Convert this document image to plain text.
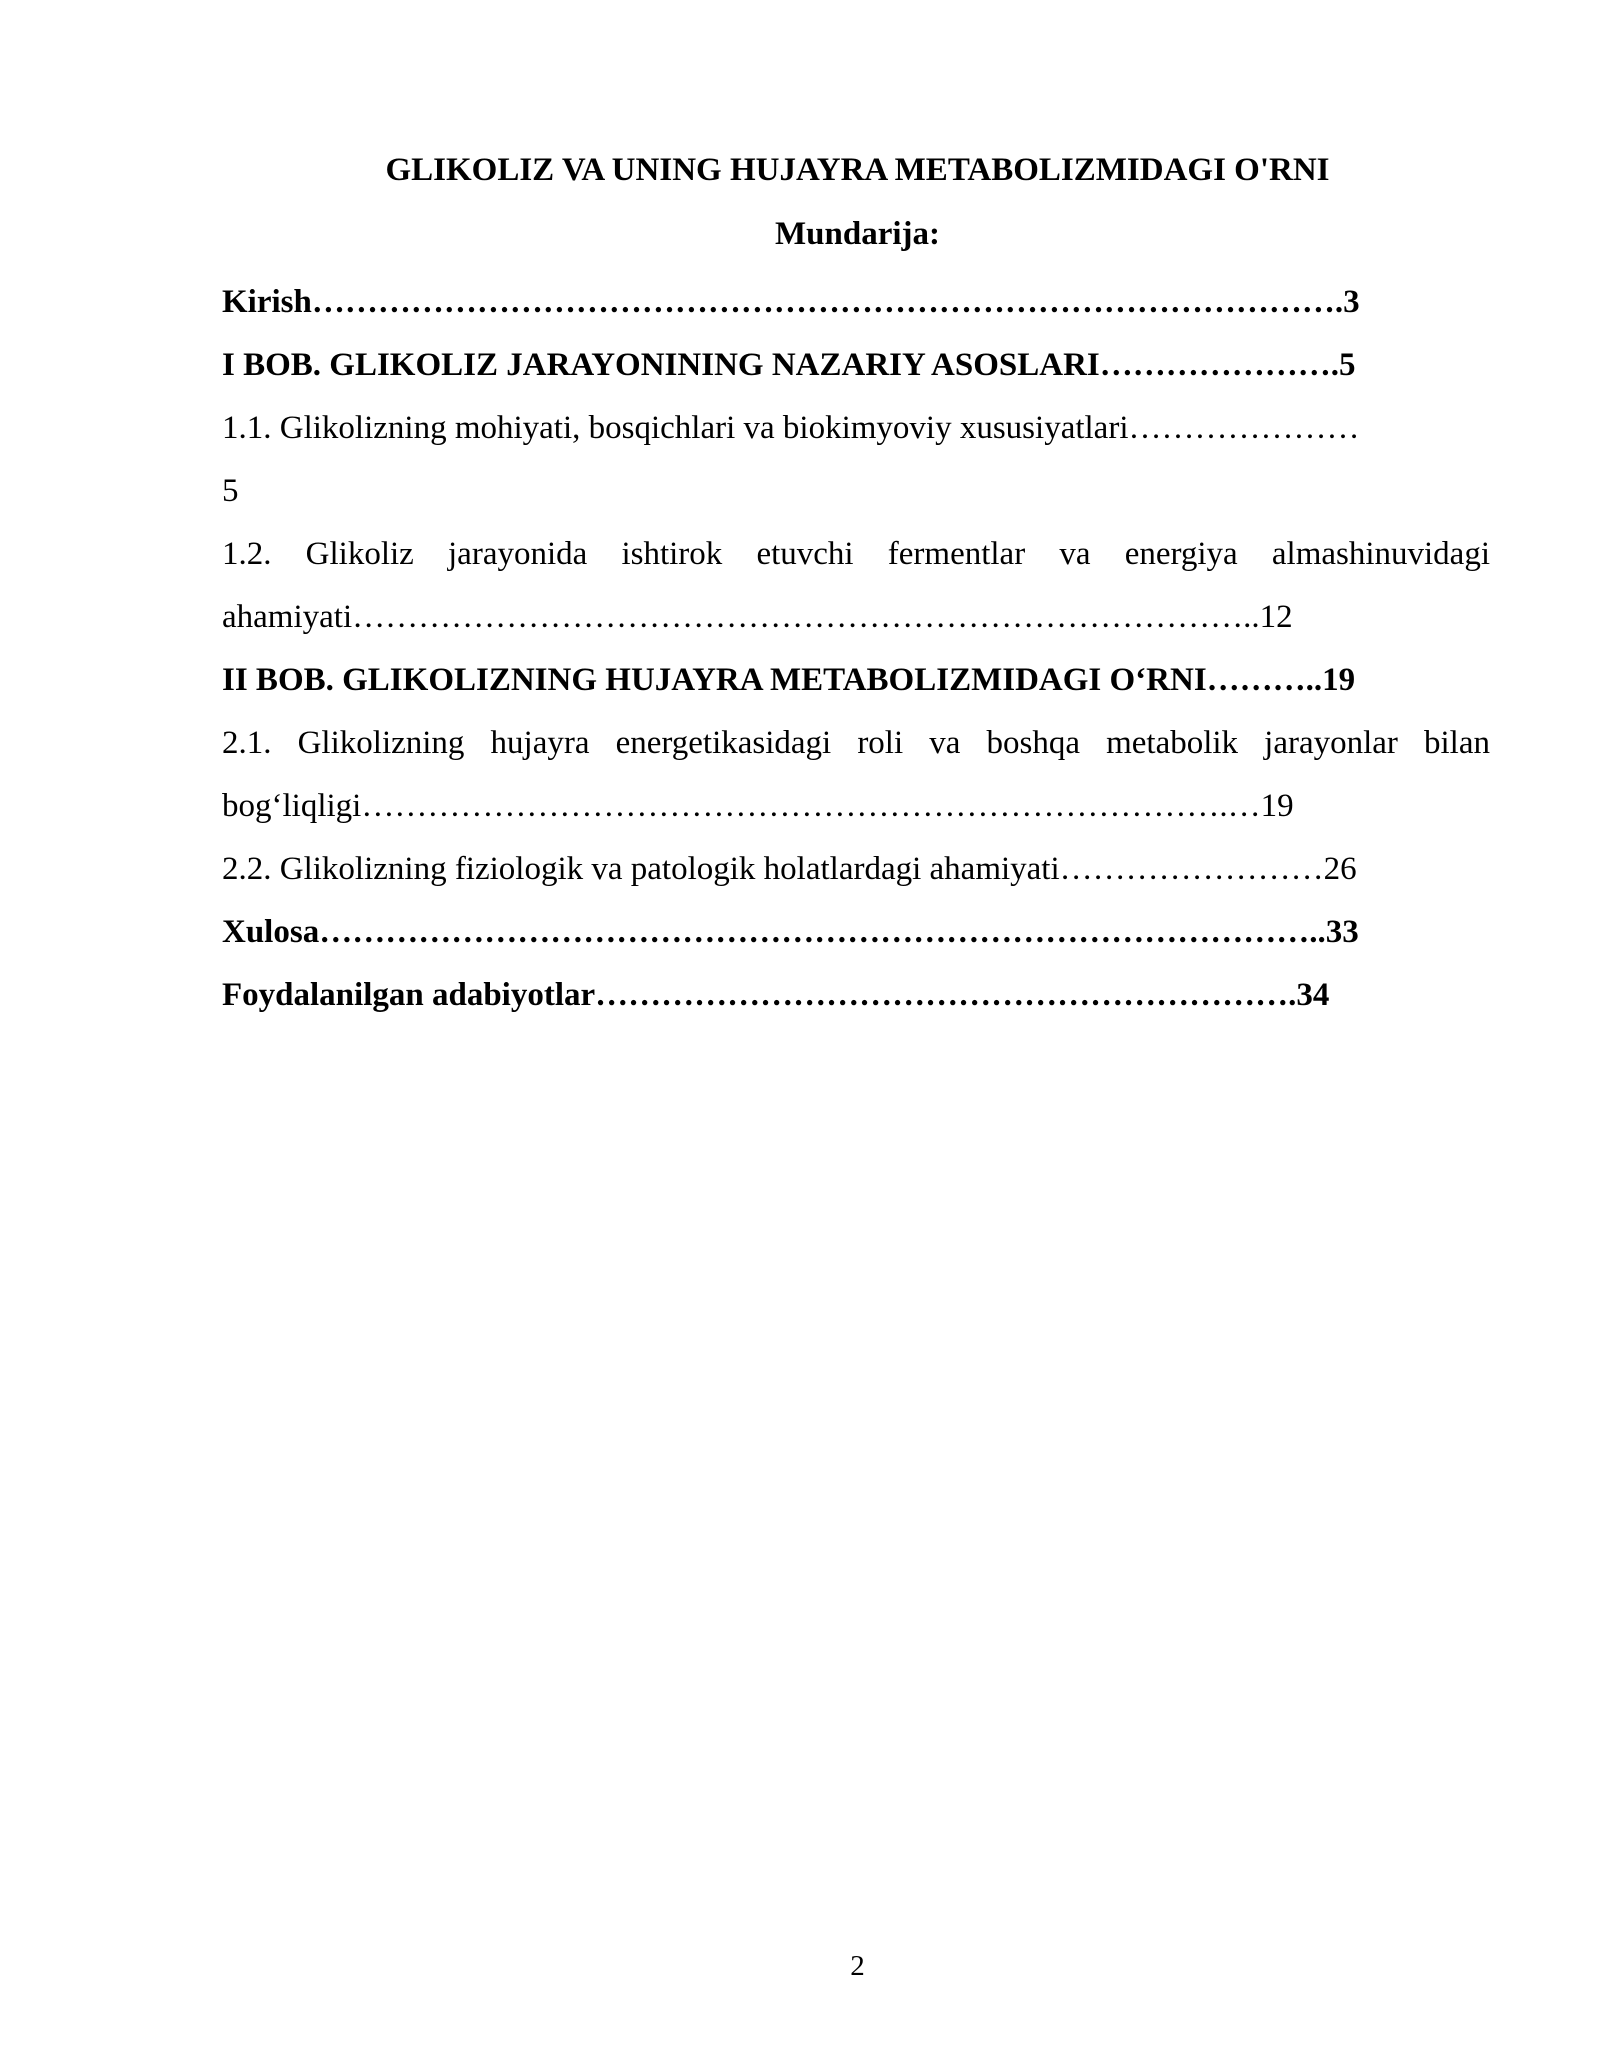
GLIKOLIZ VA UNING HUJAYRA METABOLIZMIDAGI O'RNI
Mundarija:
Kirish………………………………………………………………………………….3
I BOB. GLIKOLIZ JARAYONINING NAZARIY ASOSLARI………………….5
1.1. Glikolizning mohiyati, bosqichlari va biokimyoviy xususiyatlari…………………
5
1.2. Glikoliz jarayonida ishtirok etuvchi fermentlar va energiya almashinuvidagi
ahamiyati………………………………………………………………………..12
II BOB. GLIKOLIZNING HUJAYRA METABOLIZMIDAGI O‘RNI………..19
2.1. Glikolizning hujayra energetikasidagi roli va boshqa metabolik jarayonlar bilan
bog‘liqligi…………………………………………………………………….…19
2.2. Glikolizning fiziologik va patologik holatlardagi ahamiyati……………………26
Xulosa………………………………………………………………………………..33
Foydalanilgan adabiyotlar……………………………………………………….34
2
